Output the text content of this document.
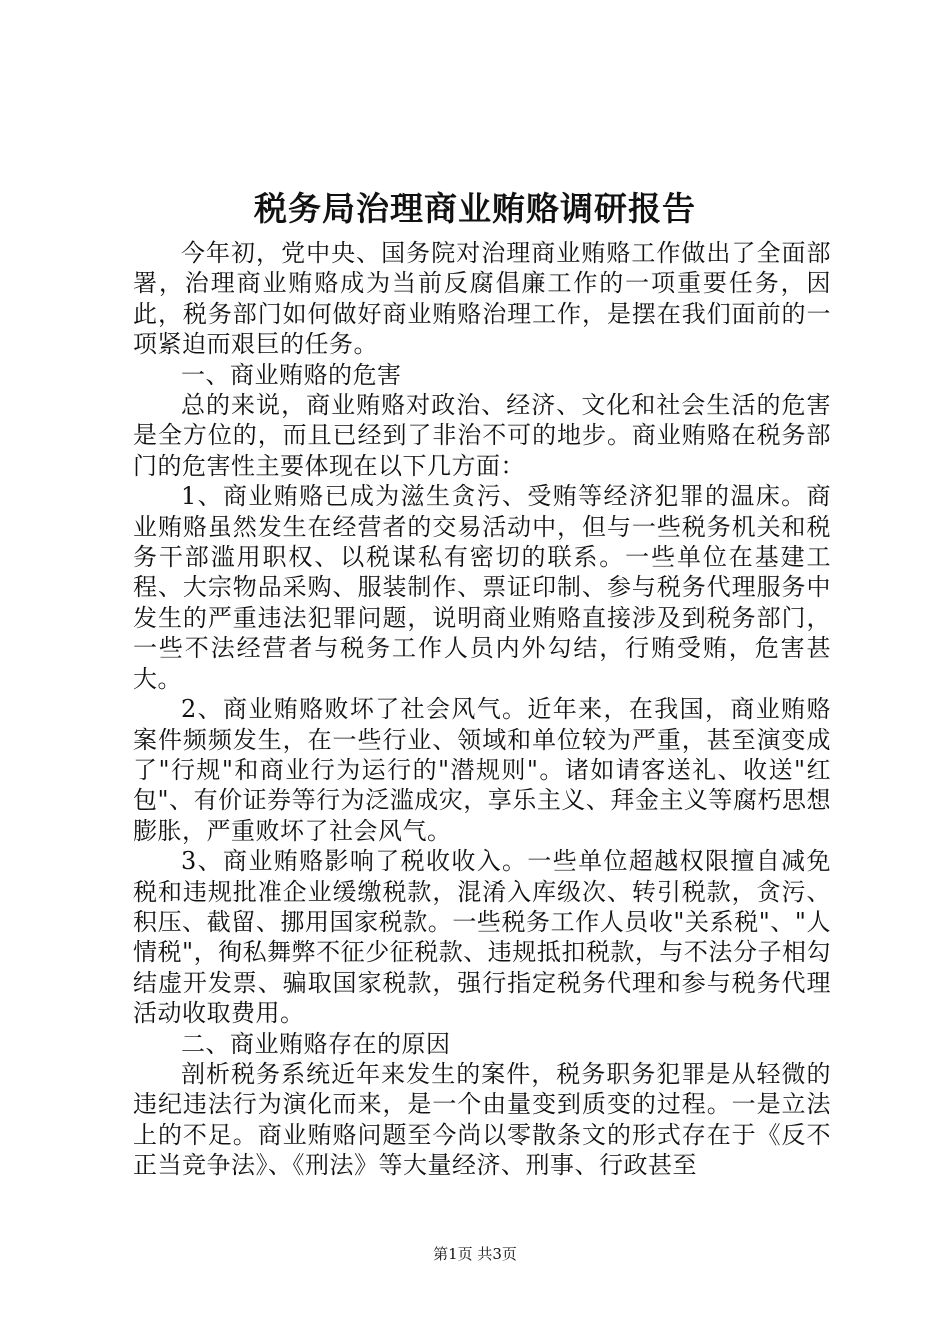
税务局治理商业贿赂调研报告

今年初，党中央、国务院对治理商业贿赂工作做出了全面部署，治理商业贿赂成为当前反腐倡廉工作的一项重要任务，因此，税务部门如何做好商业贿赂治理工作，是摆在我们面前的一项紧迫而艰巨的任务。

一、商业贿赂的危害

总的来说，商业贿赂对政治、经济、文化和社会生活的危害是全方位的，而且已经到了非治不可的地步。商业贿赂在税务部门的危害性主要体现在以下几方面：

1、商业贿赂已成为滋生贪污、受贿等经济犯罪的温床。商业贿赂虽然发生在经营者的交易活动中，但与一些税务机关和税务干部滥用职权、以税谋私有密切的联系。一些单位在基建工程、大宗物品采购、服装制作、票证印制、参与税务代理服务中发生的严重违法犯罪问题，说明商业贿赂直接涉及到税务部门，一些不法经营者与税务工作人员内外勾结，行贿受贿，危害甚大。

2、商业贿赂败坏了社会风气。近年来，在我国，商业贿赂案件频频发生，在一些行业、领域和单位较为严重，甚至演变成了"行规"和商业行为运行的"潜规则"。诸如请客送礼、收送"红包"、有价证券等行为泛滥成灾，享乐主义、拜金主义等腐朽思想膨胀，严重败坏了社会风气。

3、商业贿赂影响了税收收入。一些单位超越权限擅自减免税和违规批准企业缓缴税款，混淆入库级次、转引税款，贪污、积压、截留、挪用国家税款。一些税务工作人员收"关系税"、"人情税"，徇私舞弊不征少征税款、违规抵扣税款，与不法分子相勾结虚开发票、骗取国家税款，强行指定税务代理和参与税务代理活动收取费用。

二、商业贿赂存在的原因

剖析税务系统近年来发生的案件，税务职务犯罪是从轻微的违纪违法行为演化而来，是一个由量变到质变的过程。一是立法上的不足。商业贿赂问题至今尚以零散条文的形式存在于《反不正当竞争法》、《刑法》等大量经济、刑事、行政甚至

第1页 共3页
